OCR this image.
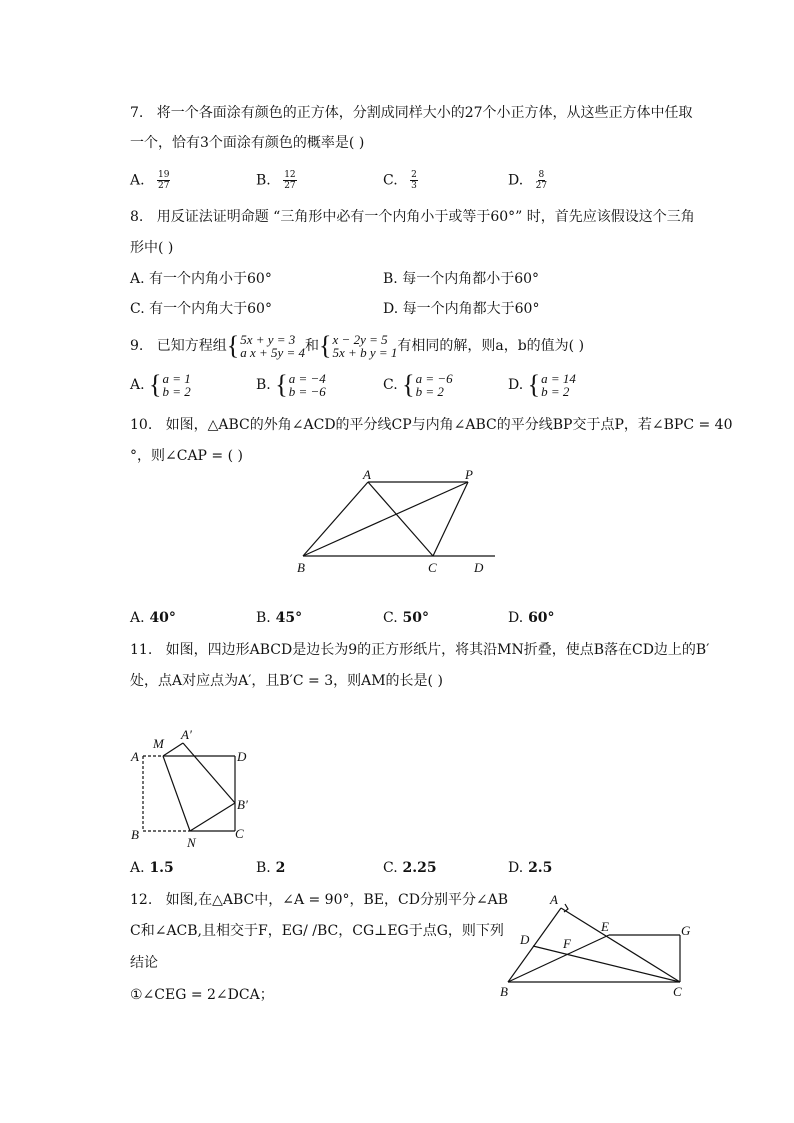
7. 将一个各面涂有颜色的正方体，分割成同样大小的27个小正方体，从这些正方体中任取
一个，恰有3个面涂有颜色的概率是( )
A. $\frac{19}{27}$	B. $\frac{12}{27}$	C. $\frac{2}{3}$	D. $\frac{8}{27}$
8. 用反证法证明命题 “三角形中必有一个内角小于或等于60°” 时，首先应该假设这个三角
形中( )
A. 有一个内角小于60°	B. 每一个内角都小于60°
C. 有一个内角大于60°	D. 每一个内角都大于60°
9. 已知方程组 { 5x + y = 3
a x + 5y = 4 和 { x − 2y = 5
5x + b y = 1 有相同的解，则a，b的值为( )
A. { a = 1
b = 2	B. { a = −4
b = −6	C. { a = −6
b = 2	D. { a = 14
b = 2
10. 如图，△ABC的外角∠ACD的平分线CP与内角∠ABC的平分线BP交于点P，若∠BPC = 40
°，则∠CAP = ( )
A	P
B	C	D
A. 40°	B. 45°	C. 50°	D. 60°
11. 如图，四边形ABCD是边长为9的正方形纸片，将其沿MN折叠，使点B落在CD边上的B′
处，点A对应点为A′，且B′C = 3，则AM的长是( )
A
M
A′
D
B′
B
N
C
A. 1.5	B. 2	C. 2.25	D. 2.5
12. 如图,在△ABC中，∠A = 90°，BE，CD分别平分∠AB
C和∠ACB,且相交于F，EG/ /BC，CG⊥EG于点G，则下列
结论
①∠CEG = 2∠DCA；
A
E	G
D	F
B	C
